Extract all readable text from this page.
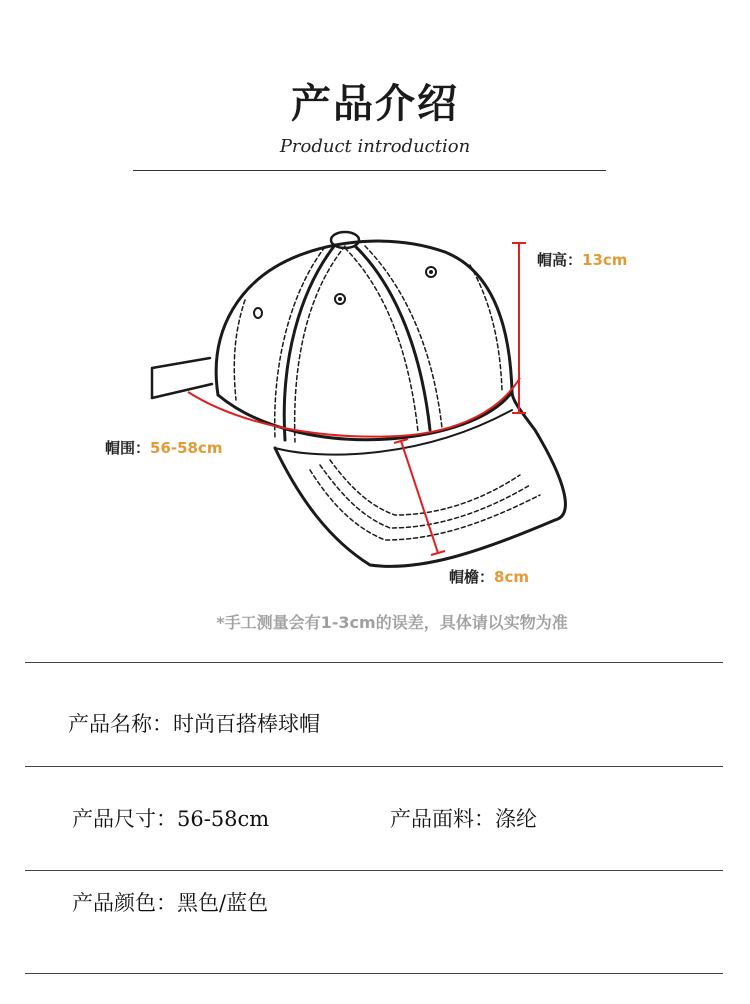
产品介绍
Product introduction
帽高：13cm
帽围：56-58cm
帽檐：8cm
*手工测量会有1-3cm的误差，具体请以实物为准
产品名称：时尚百搭棒球帽
产品尺寸：56-58cm	产品面料：涤纶
产品颜色：黑色/蓝色
